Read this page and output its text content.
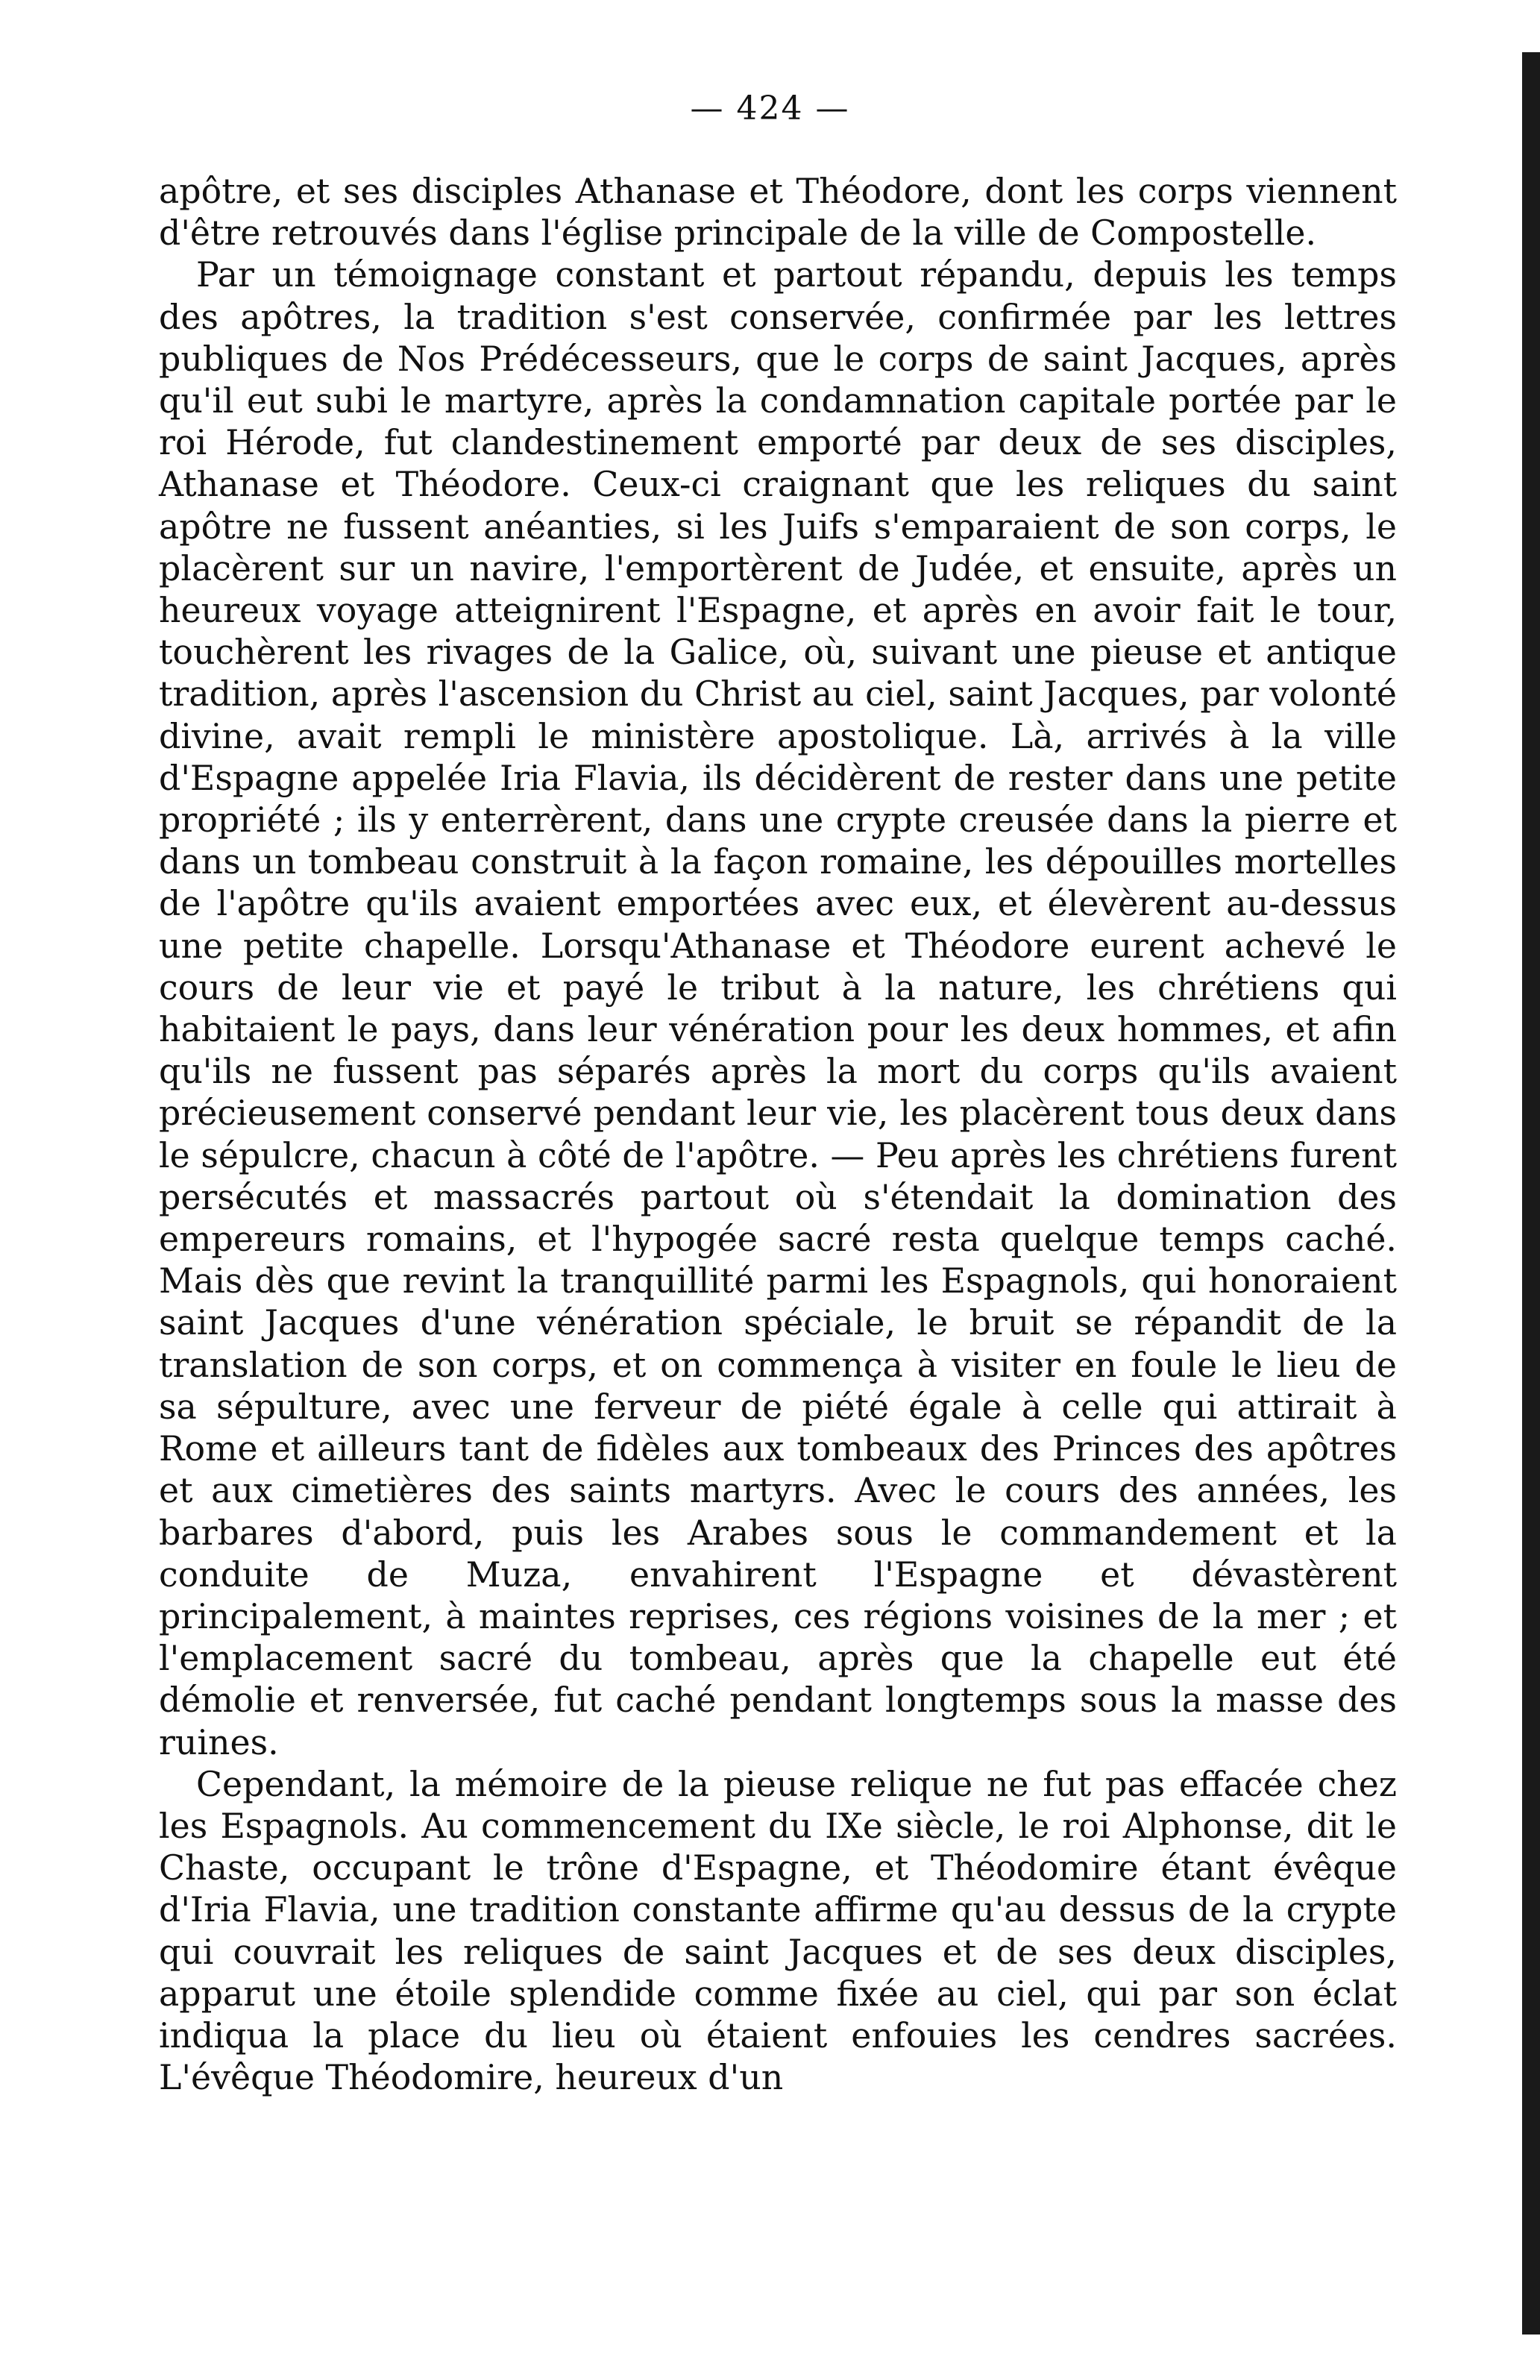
— 424 —

apôtre, et ses disciples Athanase et Théodore, dont les corps viennent d'être retrouvés dans l'église principale de la ville de Compostelle.

Par un témoignage constant et partout répandu, depuis les temps des apôtres, la tradition s'est conservée, confirmée par les lettres publiques de Nos Prédécesseurs, que le corps de saint Jacques, après qu'il eut subi le martyre, après la condamnation capitale portée par le roi Hérode, fut clandestinement emporté par deux de ses disciples, Athanase et Théodore. Ceux-ci craignant que les reliques du saint apôtre ne fussent anéanties, si les Juifs s'emparaient de son corps, le placèrent sur un navire, l'emportèrent de Judée, et ensuite, après un heureux voyage atteignirent l'Espagne, et après en avoir fait le tour, touchèrent les rivages de la Galice, où, suivant une pieuse et antique tradition, après l'ascension du Christ au ciel, saint Jacques, par volonté divine, avait rempli le ministère apostolique. Là, arrivés à la ville d'Espagne appelée Iria Flavia, ils décidèrent de rester dans une petite propriété ; ils y enterrèrent, dans une crypte creusée dans la pierre et dans un tombeau construit à la façon romaine, les dépouilles mortelles de l'apôtre qu'ils avaient emportées avec eux, et élevèrent au-dessus une petite chapelle. Lorsqu'Athanase et Théodore eurent achevé le cours de leur vie et payé le tribut à la nature, les chrétiens qui habitaient le pays, dans leur vénération pour les deux hommes, et afin qu'ils ne fussent pas séparés après la mort du corps qu'ils avaient précieusement conservé pendant leur vie, les placèrent tous deux dans le sépulcre, chacun à côté de l'apôtre. — Peu après les chrétiens furent persécutés et massacrés partout où s'étendait la domination des empereurs romains, et l'hypogée sacré resta quelque temps caché. Mais dès que revint la tranquillité parmi les Espagnols, qui honoraient saint Jacques d'une vénération spéciale, le bruit se répandit de la translation de son corps, et on commença à visiter en foule le lieu de sa sépulture, avec une ferveur de piété égale à celle qui attirait à Rome et ailleurs tant de fidèles aux tombeaux des Princes des apôtres et aux cimetières des saints martyrs. Avec le cours des années, les barbares d'abord, puis les Arabes sous le commandement et la conduite de Muza, envahirent l'Espagne et dévastèrent principalement, à maintes reprises, ces régions voisines de la mer ; et l'emplacement sacré du tombeau, après que la chapelle eut été démolie et renversée, fut caché pendant longtemps sous la masse des ruines.

Cependant, la mémoire de la pieuse relique ne fut pas effacée chez les Espagnols. Au commencement du IXe siècle, le roi Alphonse, dit le Chaste, occupant le trône d'Espagne, et Théodomire étant évêque d'Iria Flavia, une tradition constante affirme qu'au dessus de la crypte qui couvrait les reliques de saint Jacques et de ses deux disciples, apparut une étoile splendide comme fixée au ciel, qui par son éclat indiqua la place du lieu où étaient enfouies les cendres sacrées. L'évêque Théodomire, heureux d'un
